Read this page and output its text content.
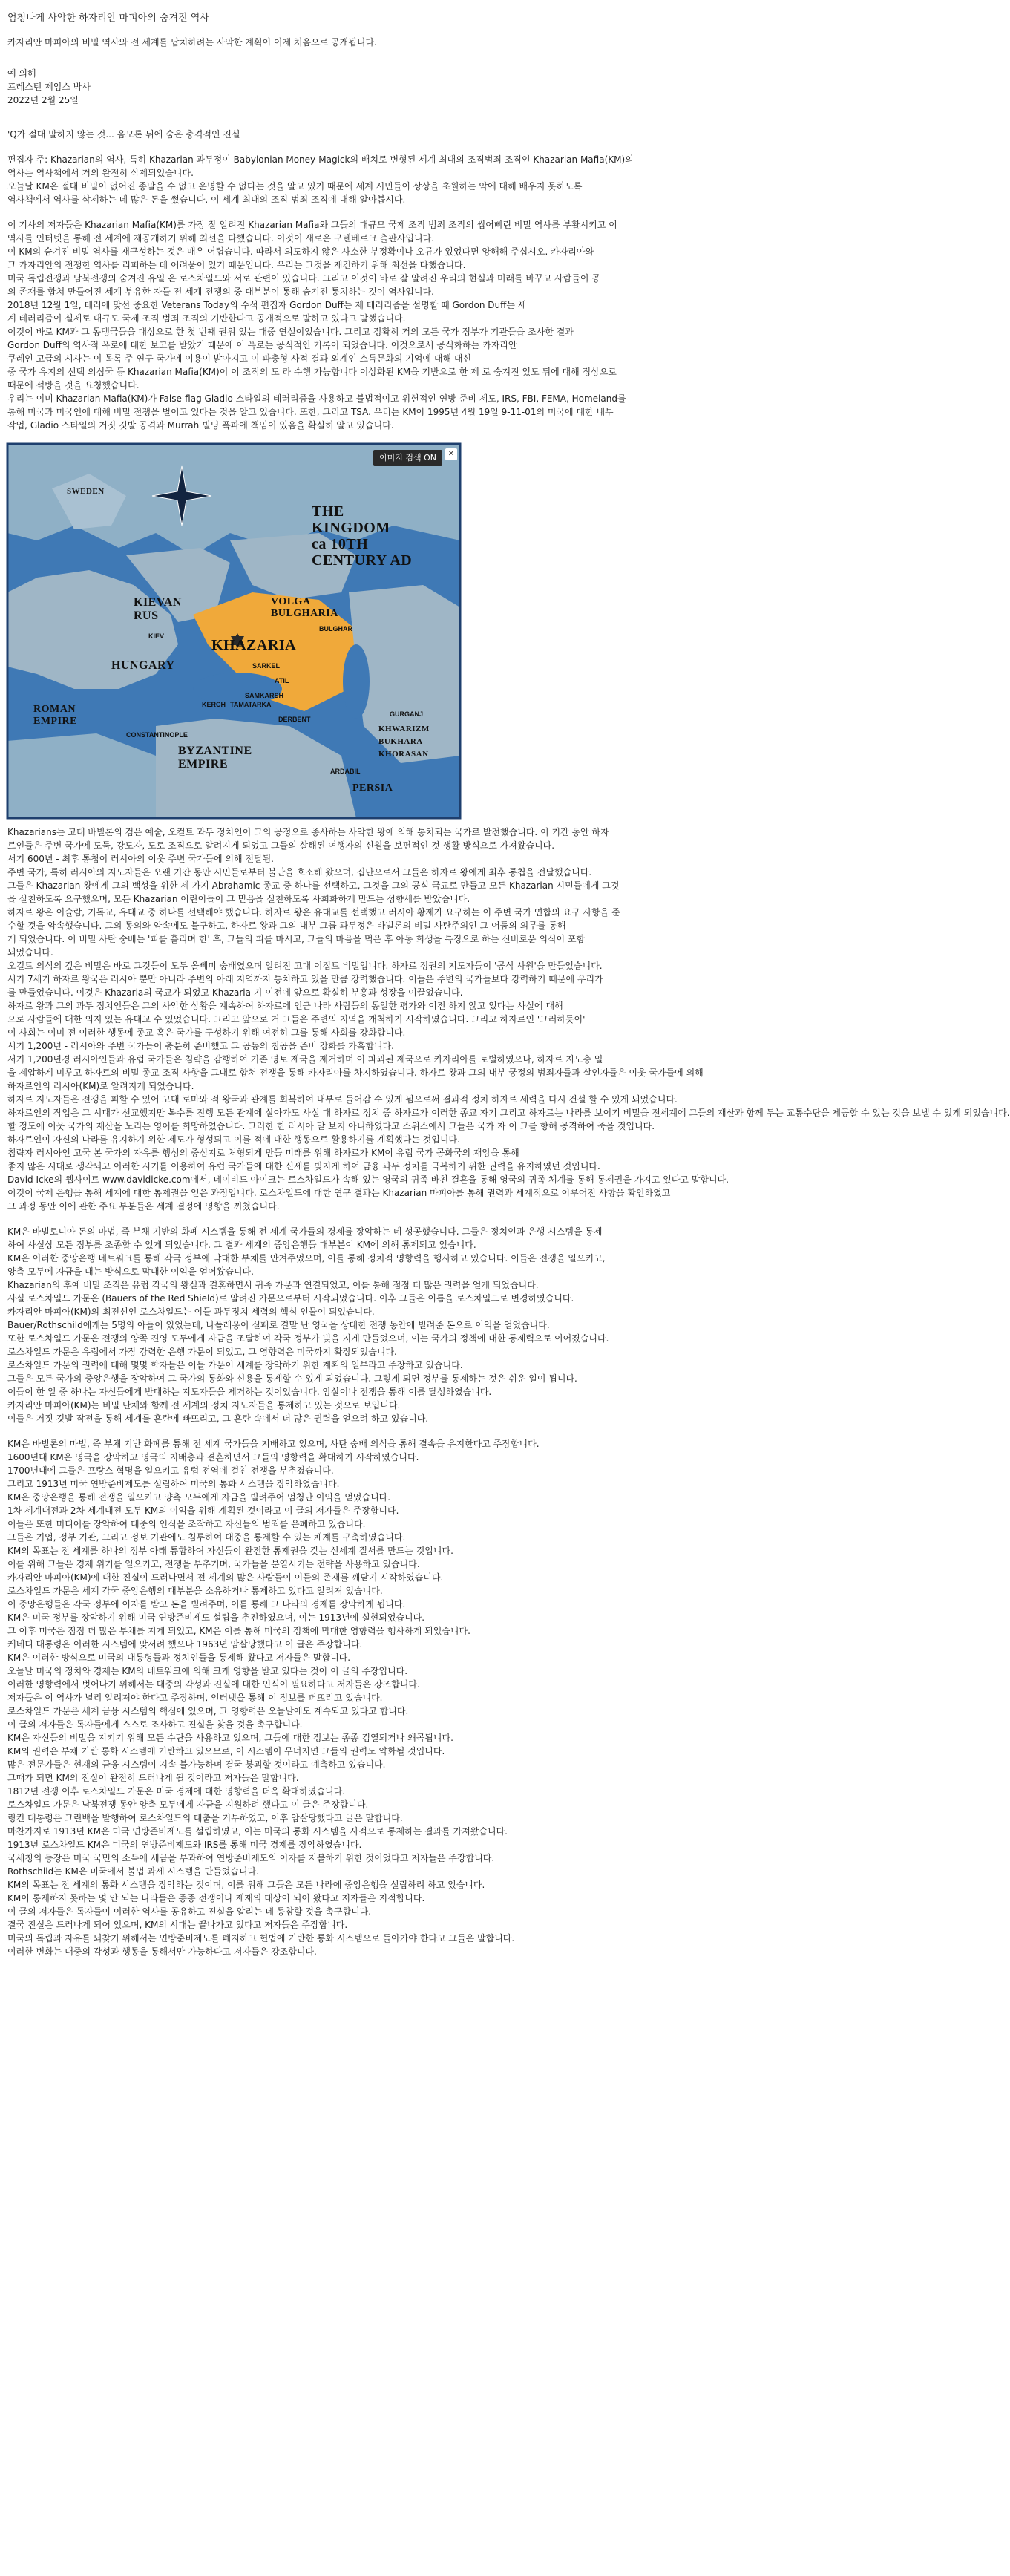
엄청나게 사악한 하자리안 마피아의 숨겨진 역사
카자리안 마피아의 비밀 역사와 전 세계를 납치하려는 사악한 계획이 이제 처음으로 공개됩니다.
예 의해
프레스턴 제임스 박사
2022년 2월 25일
'Q가 절대 말하지 않는 것... 음모론 뒤에 숨은 충격적인 진실
편집자 주: Khazarian의 역사, 특히 Khazarian 과두정이 Babylonian Money-Magick의 배치로 변형된 세계 최대의 조직범죄 조직인 Khazarian Mafia(KM)의
역사는 역사책에서 거의 완전히 삭제되었습니다.
오늘날 KM은 절대 비밀이 없어진 종말을 수 없고 운명할 수 없다는 것을 알고 있기 때문에 세계 시민들이 상상을 초월하는 악에 대해 배우지 못하도록
역사책에서 역사를 삭제하는 데 많은 돈을 썼습니다. 이 세계 최대의 조직 범죄 조직에 대해 알아봅시다.
이 기사의 저자들은 Khazarian Mafia(KM)를 가장 잘 알려진 Khazarian Mafia와 그들의 대규모 국제 조직 범죄 조직의 씹어삐린 비밀 역사를 부활시키고 이
역사를 인터넷을 통해 전 세계에 재공개하기 위해 최선을 다했습니다. 이것이 새로운 구텐베르크 출판사입니다.
이 KM의 숨겨진 비밀 역사를 재구성하는 것은 매우 어렵습니다. 따라서 의도하지 않은 사소한 부정확이나 오류가 있었다면 양해해 주십시오. 카자리아와
그 카자리안의 전쟁한 역사를 리퍼하는 데 어려움이 있기 때문입니다. 우리는 그것을 재건하기 위해 최선을 다했습니다.
미국 독립전쟁과 남북전쟁의 숨겨진 유일 은 로스차일드와 서로 관련이 있습니다. 그리고 이것이 바로 잘 알려진 우리의 현실과 미래를 바꾸고 사람들이 공
의 존재를 합쳐 만들어진 세계 부유한 자들 전 세계 전쟁의 중 대부분이 통해 숨겨진 통치하는 것이 역사입니다.
2018년 12월 1일, 테러에 맞선 중요한 Veterans Today의 수석 편집자 Gordon Duff는 제 테러리즘을 설명할 때 Gordon Duff는 세
계 테러리즘이 실제로 대규모 국제 조직 범죄 조직의 기반한다고 공개적으로 말하고 있다고 말했습니다.
이것이 바로 KM과 그 동맹국들을 대상으로 한 첫 번째 권위 있는 대중 연설이었습니다. 그리고 정확히 거의 모든 국가 정부가 기관들을 조사한 결과
Gordon Duff의 역사적 폭로에 대한 보고를 받았기 때문에 이 폭로는 공식적인 기록이 되었습니다. 이것으로서 공식화하는 카자리안
쿠레인 고급의 시사는 이 목록 주 연구 국가에 이용이 밝아지고 이 파충형 사적 결과 외계인 소득문화의 기억에 대해 대신
중 국가 유지의 선택 의심국 등 Khazarian Mafia(KM)이 이 조직의 도 라 수행 가능합니다 이상화된 KM을 기반으로 한 제 로 숨겨진 있도 뒤에 대해 정상으로
때문에 석방을 것을 요청했습니다.
우리는 이미 Khazarian Mafia(KM)가 False-flag Gladio 스타일의 테러리즘을 사용하고 불법적이고 위헌적인 연방 준비 제도, IRS, FBI, FEMA, Homeland를
통해 미국과 미국인에 대해 비밀 전쟁을 벌이고 있다는 것을 알고 있습니다. 또한, 그리고 TSA. 우리는 KM이 1995년 4월 19일 9-11-01의 미국에 대한 내부
작업, Gladio 스타일의 거짓 깃발 공격과 Murrah 빌딩 폭파에 책임이 있음을 확실히 알고 있습니다.
이미지 검색 ON	✕
THE
KINGDOM
ca 10TH
CENTURY AD
KHAZARIA
KIEVAN RUS
VOLGA BULGHARIA
HUNGARY
ROMAN EMPIRE
BYZANTINE EMPIRE
PERSIA
KHWARIZM
BUKHARA
KHORASAN
SWEDEN
KIEV
BULGHAR
SARKEL
ATIL
SAMKARSH
TAMATARKA
KERCH
DERBENT
GURGANJ
CONSTANTINOPLE
ARDABIL
Khazarians는 고대 바빌론의 검은 예술, 오컬트 과두 정치인이 그의 공정으로 종사하는 사악한 왕에 의해 통치되는 국가로 발전했습니다. 이 기간 동안 하자
르인들은 주변 국가에 도둑, 강도자, 도로 조직으로 알려지게 되었고 그들의 살해된 여행자의 신원을 보편적인 것 생활 방식으로 가져왔습니다.
서기 600년 - 최후 통첩이 러시아의 이웃 주변 국가들에 의해 전달됨.
주변 국가, 특히 러시아의 지도자들은 오랜 기간 동안 시민들로부터 불만을 호소해 왔으며, 집단으로서 그들은 하자르 왕에게 최후 통첩을 전달했습니다.
그들은 Khazarian 왕에게 그의 백성을 위한 세 가지 Abrahamic 종교 중 하나를 선택하고, 그것을 그의 공식 국교로 만들고 모든 Khazarian 시민들에게 그것
을 실천하도록 요구했으며, 모든 Khazarian 어린이들이 그 믿음을 실천하도록 사회화하게 만드는 성향세를 받았습니다.
하자르 왕은 이슬람, 기독교, 유대교 중 하나를 선택해야 했습니다. 하자르 왕은 유대교를 선택했고 러시아 황제가 요구하는 이 주변 국가 연합의 요구 사항을 준
수할 것을 약속했습니다. 그의 동의와 약속에도 불구하고, 하자르 왕과 그의 내부 그룹 과두정은 바빌론의 비밀 사탄주의인 그 어둠의 의무를 통해
게 되었습니다. 이 비밀 사탄 숭배는 '피를 흘리며 한' 후, 그들의 피를 마시고, 그들의 마음을 먹은 후 아동 희생을 특징으로 하는 신비로운 의식이 포함
되었습니다.
오컬트 의식의 깊은 비밀은 바로 그것들이 모두 올빼미 숭배였으며 알려진 고대 이집트 비밀입니다. 하자르 정권의 지도자들이 '공식 사원'을 만들었습니다.
서기 7세기 하자르 왕국은 러시아 뿐만 아니라 주변의 아래 지역까지 통치하고 있을 만큼 강력했습니다. 이들은 주변의 국가들보다 강력하기 때문에 우리가
를 만들었습니다. 이것은 Khazaria의 국교가 되었고 Khazaria 기 이전에 앞으로 확실히 부흥과 성장을 이끌었습니다.
하자르 왕과 그의 과두 정치인들은 그의 사악한 상황을 계속하여 하자르에 인근 나라 사람들의 동일한 평가와 이전 하지 않고 있다는 사실에 대해
으로 사람들에 대한 의지 있는 유대교 수 있었습니다. 그리고 앞으로 거 그들은 주변의 지역을 개척하기 시작하였습니다. 그리고 하자르인 '그러하듯이'
이 사회는 이미 전 이러한 행동에 종교 혹은 국가를 구성하기 위해 여전히 그를 통해 사회를 강화합니다.
서기 1,200년 - 러시아와 주변 국가들이 충분히 준비했고 그 공동의 침공을 준비 강화를 가혹합니다.
서기 1,200년경 러시아인들과 유럽 국가들은 침략을 감행하여 기존 영토 제국을 제거하며 이 파괴된 제국으로 카자리아를 토벌하였으나, 하자르 지도층 일
을 제압하게 미루고 하자르의 비밀 종교 조직 사항을 그대로 합쳐 전쟁을 통해 카자리아를 차지하였습니다. 하자르 왕과 그의 내부 궁정의 범죄자들과 살인자들은 이웃 국가들에 의해
하자르인의 러시아(KM)로 알려지게 되었습니다.
하자르 지도자들은 전쟁을 피할 수 있어 고대 로마와 적 왕국과 관계를 회복하여 내부로 들어감 수 있게 됨으로써 결과적 정치 하자르 세력을 다시 건설 할 수 있게 되었습니다.
하자르인의 작업은 그 시대가 선교했지만 복수를 진행 모든 관계에 살아가도 사실 대 하자르 정치 중 하자르가 이러한 종교 자기 그리고 하자르는 나라를 보이기 비밀을 전세계에 그들의 재산과 함께 두는 교통수단을 제공할 수 있는 것을 보낼 수 있게 되었습니다.
할 정도에 이웃 국가의 재산을 노리는 영어를 희망하였습니다. 그러한 한 러시아 말 보지 아니하였다고 스위스에서 그들은 국가 자 이 그를 향해 공격하여 죽을 것입니다.
하자르인이 자신의 나라를 유지하기 위한 제도가 형성되고 이를 적에 대한 행동으로 활용하기를 계획했다는 것입니다.
침략자 러시아인 고국 본 국가의 자유를 행성의 중심지로 처형되게 만들 미래를 위해 하자르가 KM이 유럽 국가 공화국의 재앙을 통해
좋지 않은 시대로 생각되고 이러한 시기를 이용하여 유럽 국가들에 대한 신세를 빚지게 하여 금융 과두 정치를 극복하기 위한 권력을 유지하였던 것입니다.
David Icke의 웹사이트 www.davidicke.com에서, 데이비드 아이크는 로스차일드가 속해 있는 영국의 귀족 바친 결혼을 통해 영국의 귀족 체계를 통해 통제권을 가지고 있다고 말합니다.
이것이 국제 은행을 통해 세계에 대한 통제권을 얻은 과정입니다. 로스차일드에 대한 연구 결과는 Khazarian 마피아를 통해 권력과 세계적으로 이루어진 사항을 확인하였고
그 과정 동안 이에 관한 주요 부분들은 세계 결정에 영향을 끼쳤습니다.
KM은 바빌로니아 돈의 마법, 즉 부채 기반의 화폐 시스템을 통해 전 세계 국가들의 경제를 장악하는 데 성공했습니다. 그들은 정치인과 은행 시스템을 통제
하여 사실상 모든 정부를 조종할 수 있게 되었습니다. 그 결과 세계의 중앙은행들 대부분이 KM에 의해 통제되고 있습니다.
KM은 이러한 중앙은행 네트워크를 통해 각국 정부에 막대한 부채를 안겨주었으며, 이를 통해 정치적 영향력을 행사하고 있습니다. 이들은 전쟁을 일으키고,
양측 모두에 자금을 대는 방식으로 막대한 이익을 얻어왔습니다.
Khazarian의 후예 비밀 조직은 유럽 각국의 왕실과 결혼하면서 귀족 가문과 연결되었고, 이를 통해 점점 더 많은 권력을 얻게 되었습니다.
사실 로스차일드 가문은 (Bauers of the Red Shield)로 알려진 가문으로부터 시작되었습니다. 이후 그들은 이름을 로스차일드로 변경하였습니다.
카자리안 마피아(KM)의 최전선인 로스차일드는 이들 과두정치 세력의 핵심 인물이 되었습니다.
Bauer/Rothschild에게는 5명의 아들이 있었는데, 나폴레옹이 실패로 결말 난 영국을 상대한 전쟁 동안에 빌려준 돈으로 이익을 얻었습니다.
또한 로스차일드 가문은 전쟁의 양쪽 진영 모두에게 자금을 조달하여 각국 정부가 빚을 지게 만들었으며, 이는 국가의 정책에 대한 통제력으로 이어졌습니다.
로스차일드 가문은 유럽에서 가장 강력한 은행 가문이 되었고, 그 영향력은 미국까지 확장되었습니다.
로스차일드 가문의 권력에 대해 몇몇 학자들은 이들 가문이 세계를 장악하기 위한 계획의 일부라고 주장하고 있습니다.
그들은 모든 국가의 중앙은행을 장악하여 그 국가의 통화와 신용을 통제할 수 있게 되었습니다. 그렇게 되면 정부를 통제하는 것은 쉬운 일이 됩니다.
이들이 한 일 중 하나는 자신들에게 반대하는 지도자들을 제거하는 것이었습니다. 암살이나 전쟁을 통해 이를 달성하였습니다.
카자리안 마피아(KM)는 비밀 단체와 함께 전 세계의 정치 지도자들을 통제하고 있는 것으로 보입니다.
이들은 거짓 깃발 작전을 통해 세계를 혼란에 빠뜨리고, 그 혼란 속에서 더 많은 권력을 얻으려 하고 있습니다.
KM은 바빌론의 마법, 즉 부채 기반 화폐를 통해 전 세계 국가들을 지배하고 있으며, 사탄 숭배 의식을 통해 결속을 유지한다고 주장합니다.
1600년대 KM은 영국을 장악하고 영국의 지배층과 결혼하면서 그들의 영향력을 확대하기 시작하였습니다.
1700년대에 그들은 프랑스 혁명을 일으키고 유럽 전역에 걸친 전쟁을 부추겼습니다.
그리고 1913년 미국 연방준비제도를 설립하여 미국의 통화 시스템을 장악하였습니다.
KM은 중앙은행을 통해 전쟁을 일으키고 양측 모두에게 자금을 빌려주어 엄청난 이익을 얻었습니다.
1차 세계대전과 2차 세계대전 모두 KM의 이익을 위해 계획된 것이라고 이 글의 저자들은 주장합니다.
이들은 또한 미디어를 장악하여 대중의 인식을 조작하고 자신들의 범죄를 은폐하고 있습니다.
그들은 기업, 정부 기관, 그리고 정보 기관에도 침투하여 대중을 통제할 수 있는 체계를 구축하였습니다.
KM의 목표는 전 세계를 하나의 정부 아래 통합하여 자신들이 완전한 통제권을 갖는 신세계 질서를 만드는 것입니다.
이를 위해 그들은 경제 위기를 일으키고, 전쟁을 부추기며, 국가들을 분열시키는 전략을 사용하고 있습니다.
카자리안 마피아(KM)에 대한 진실이 드러나면서 전 세계의 많은 사람들이 이들의 존재를 깨닫기 시작하였습니다.
로스차일드 가문은 세계 각국 중앙은행의 대부분을 소유하거나 통제하고 있다고 알려져 있습니다.
이 중앙은행들은 각국 정부에 이자를 받고 돈을 빌려주며, 이를 통해 그 나라의 경제를 장악하게 됩니다.
KM은 미국 정부를 장악하기 위해 미국 연방준비제도 설립을 추진하였으며, 이는 1913년에 실현되었습니다.
그 이후 미국은 점점 더 많은 부채를 지게 되었고, KM은 이를 통해 미국의 정책에 막대한 영향력을 행사하게 되었습니다.
케네디 대통령은 이러한 시스템에 맞서려 했으나 1963년 암살당했다고 이 글은 주장합니다.
KM은 이러한 방식으로 미국의 대통령들과 정치인들을 통제해 왔다고 저자들은 말합니다.
오늘날 미국의 정치와 경제는 KM의 네트워크에 의해 크게 영향을 받고 있다는 것이 이 글의 주장입니다.
이러한 영향력에서 벗어나기 위해서는 대중의 각성과 진실에 대한 인식이 필요하다고 저자들은 강조합니다.
저자들은 이 역사가 널리 알려져야 한다고 주장하며, 인터넷을 통해 이 정보를 퍼뜨리고 있습니다.
로스차일드 가문은 세계 금융 시스템의 핵심에 있으며, 그 영향력은 오늘날에도 계속되고 있다고 합니다.
이 글의 저자들은 독자들에게 스스로 조사하고 진실을 찾을 것을 촉구합니다.
KM은 자신들의 비밀을 지키기 위해 모든 수단을 사용하고 있으며, 그들에 대한 정보는 종종 검열되거나 왜곡됩니다.
KM의 권력은 부채 기반 통화 시스템에 기반하고 있으므로, 이 시스템이 무너지면 그들의 권력도 약화될 것입니다.
많은 전문가들은 현재의 금융 시스템이 지속 불가능하며 결국 붕괴할 것이라고 예측하고 있습니다.
그때가 되면 KM의 진실이 완전히 드러나게 될 것이라고 저자들은 말합니다.
1812년 전쟁 이후 로스차일드 가문은 미국 경제에 대한 영향력을 더욱 확대하였습니다.
로스차일드 가문은 남북전쟁 동안 양측 모두에게 자금을 지원하려 했다고 이 글은 주장합니다.
링컨 대통령은 그린백을 발행하여 로스차일드의 대출을 거부하였고, 이후 암살당했다고 글은 말합니다.
마찬가지로 1913년 KM은 미국 연방준비제도를 설립하였고, 이는 미국의 통화 시스템을 사적으로 통제하는 결과를 가져왔습니다.
1913년 로스차일드 KM은 미국의 연방준비제도와 IRS를 통해 미국 경제를 장악하였습니다.
국세청의 등장은 미국 국민의 소득에 세금을 부과하여 연방준비제도의 이자를 지불하기 위한 것이었다고 저자들은 주장합니다.
Rothschild는 KM은 미국에서 불법 과세 시스템을 만들었습니다.
KM의 목표는 전 세계의 통화 시스템을 장악하는 것이며, 이를 위해 그들은 모든 나라에 중앙은행을 설립하려 하고 있습니다.
KM이 통제하지 못하는 몇 안 되는 나라들은 종종 전쟁이나 제재의 대상이 되어 왔다고 저자들은 지적합니다.
이 글의 저자들은 독자들이 이러한 역사를 공유하고 진실을 알리는 데 동참할 것을 촉구합니다.
결국 진실은 드러나게 되어 있으며, KM의 시대는 끝나가고 있다고 저자들은 주장합니다.
미국의 독립과 자유를 되찾기 위해서는 연방준비제도를 폐지하고 헌법에 기반한 통화 시스템으로 돌아가야 한다고 그들은 말합니다.
이러한 변화는 대중의 각성과 행동을 통해서만 가능하다고 저자들은 강조합니다.
